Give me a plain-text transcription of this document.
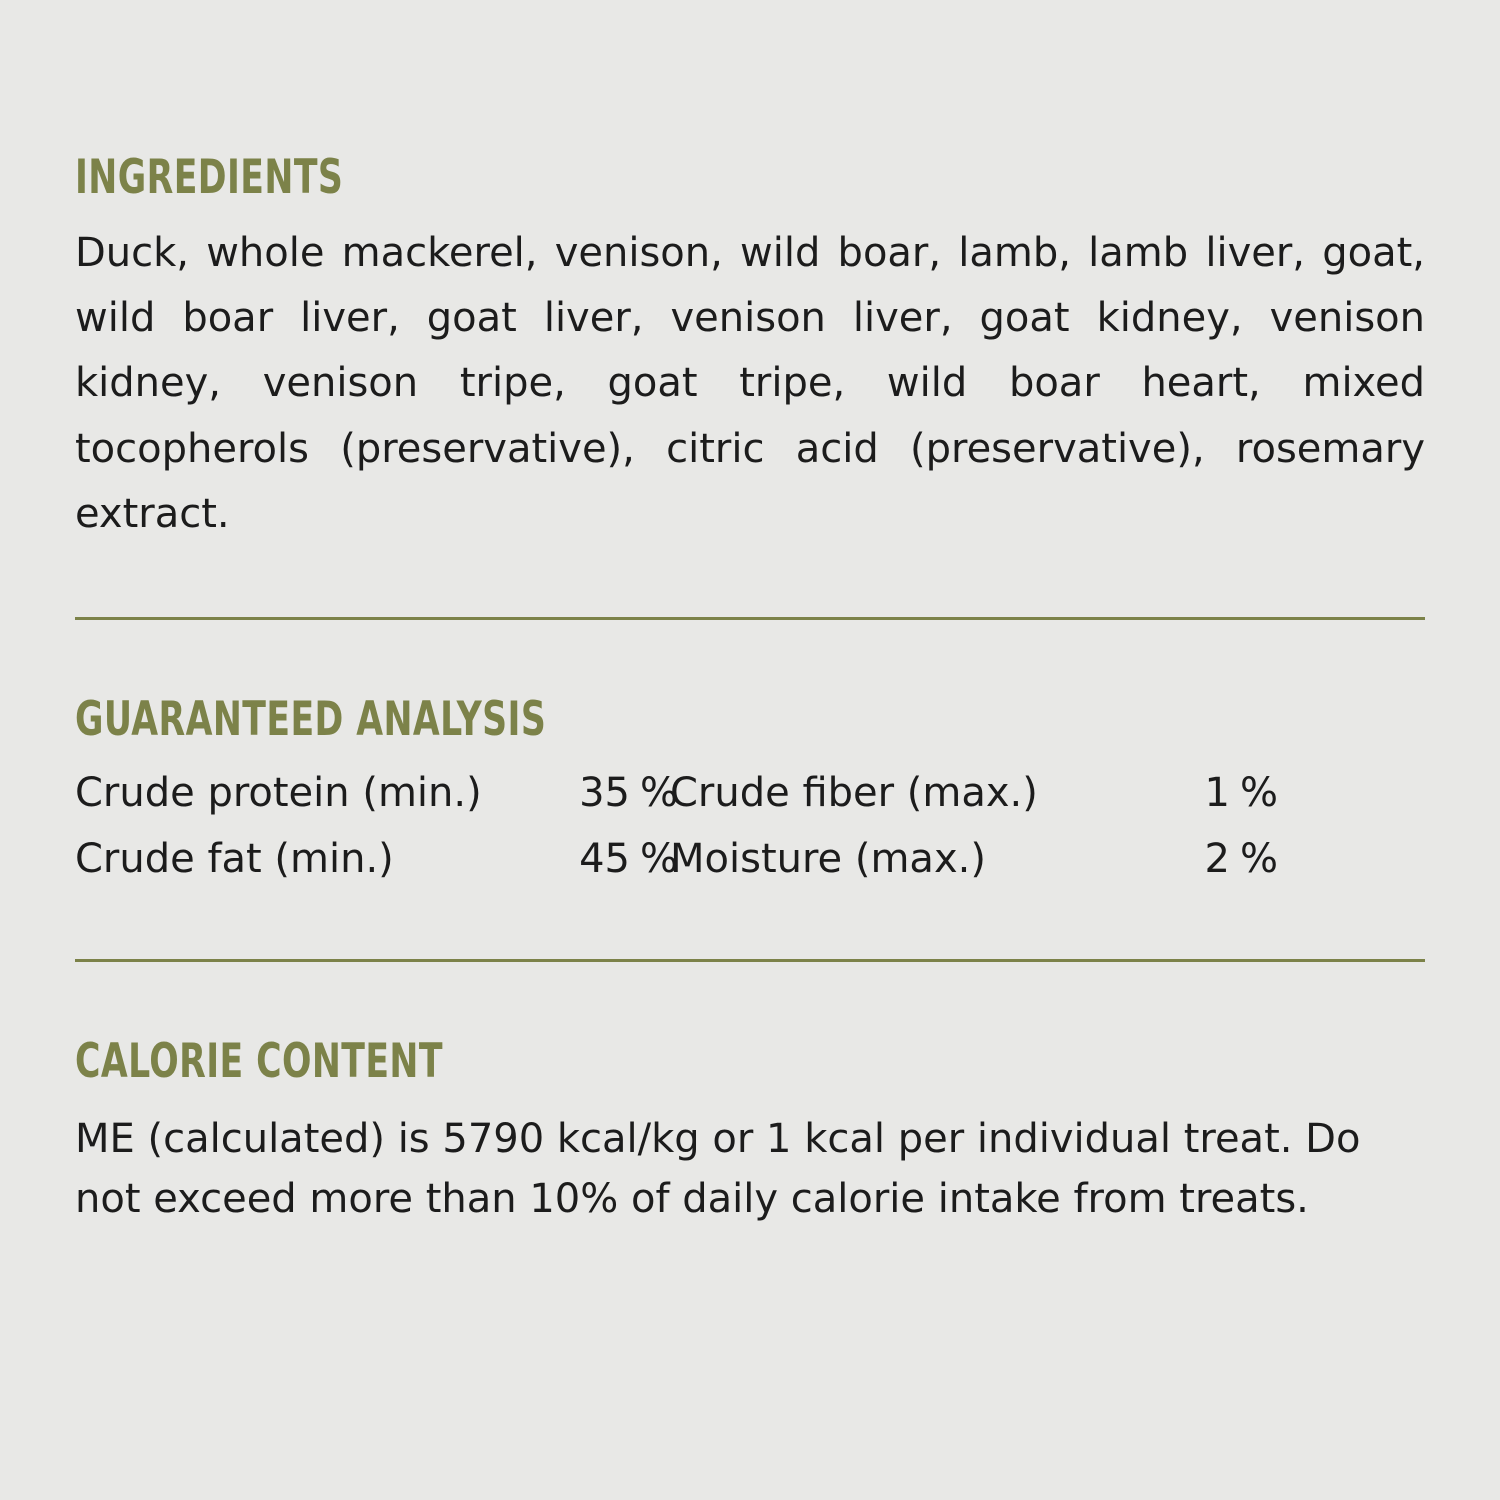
INGREDIENTS

Duck, whole mackerel, venison, wild boar, lamb, lamb liver, goat, wild boar liver, goat liver, venison liver, goat kidney, venison kidney, venison tripe, goat tripe, wild boar heart, mixed tocopherols (preservative), citric acid (preservative), rosemary extract.

GUARANTEED ANALYSIS
Crude protein (min.)	35 %
Crude fiber (max.)	1 %
Crude fat (min.)	45 %
Moisture (max.)	2 %
CALORIE CONTENT

ME (calculated) is 5790 kcal/kg or 1 kcal per individual treat. Do not exceed more than 10% of daily calorie intake from treats.
